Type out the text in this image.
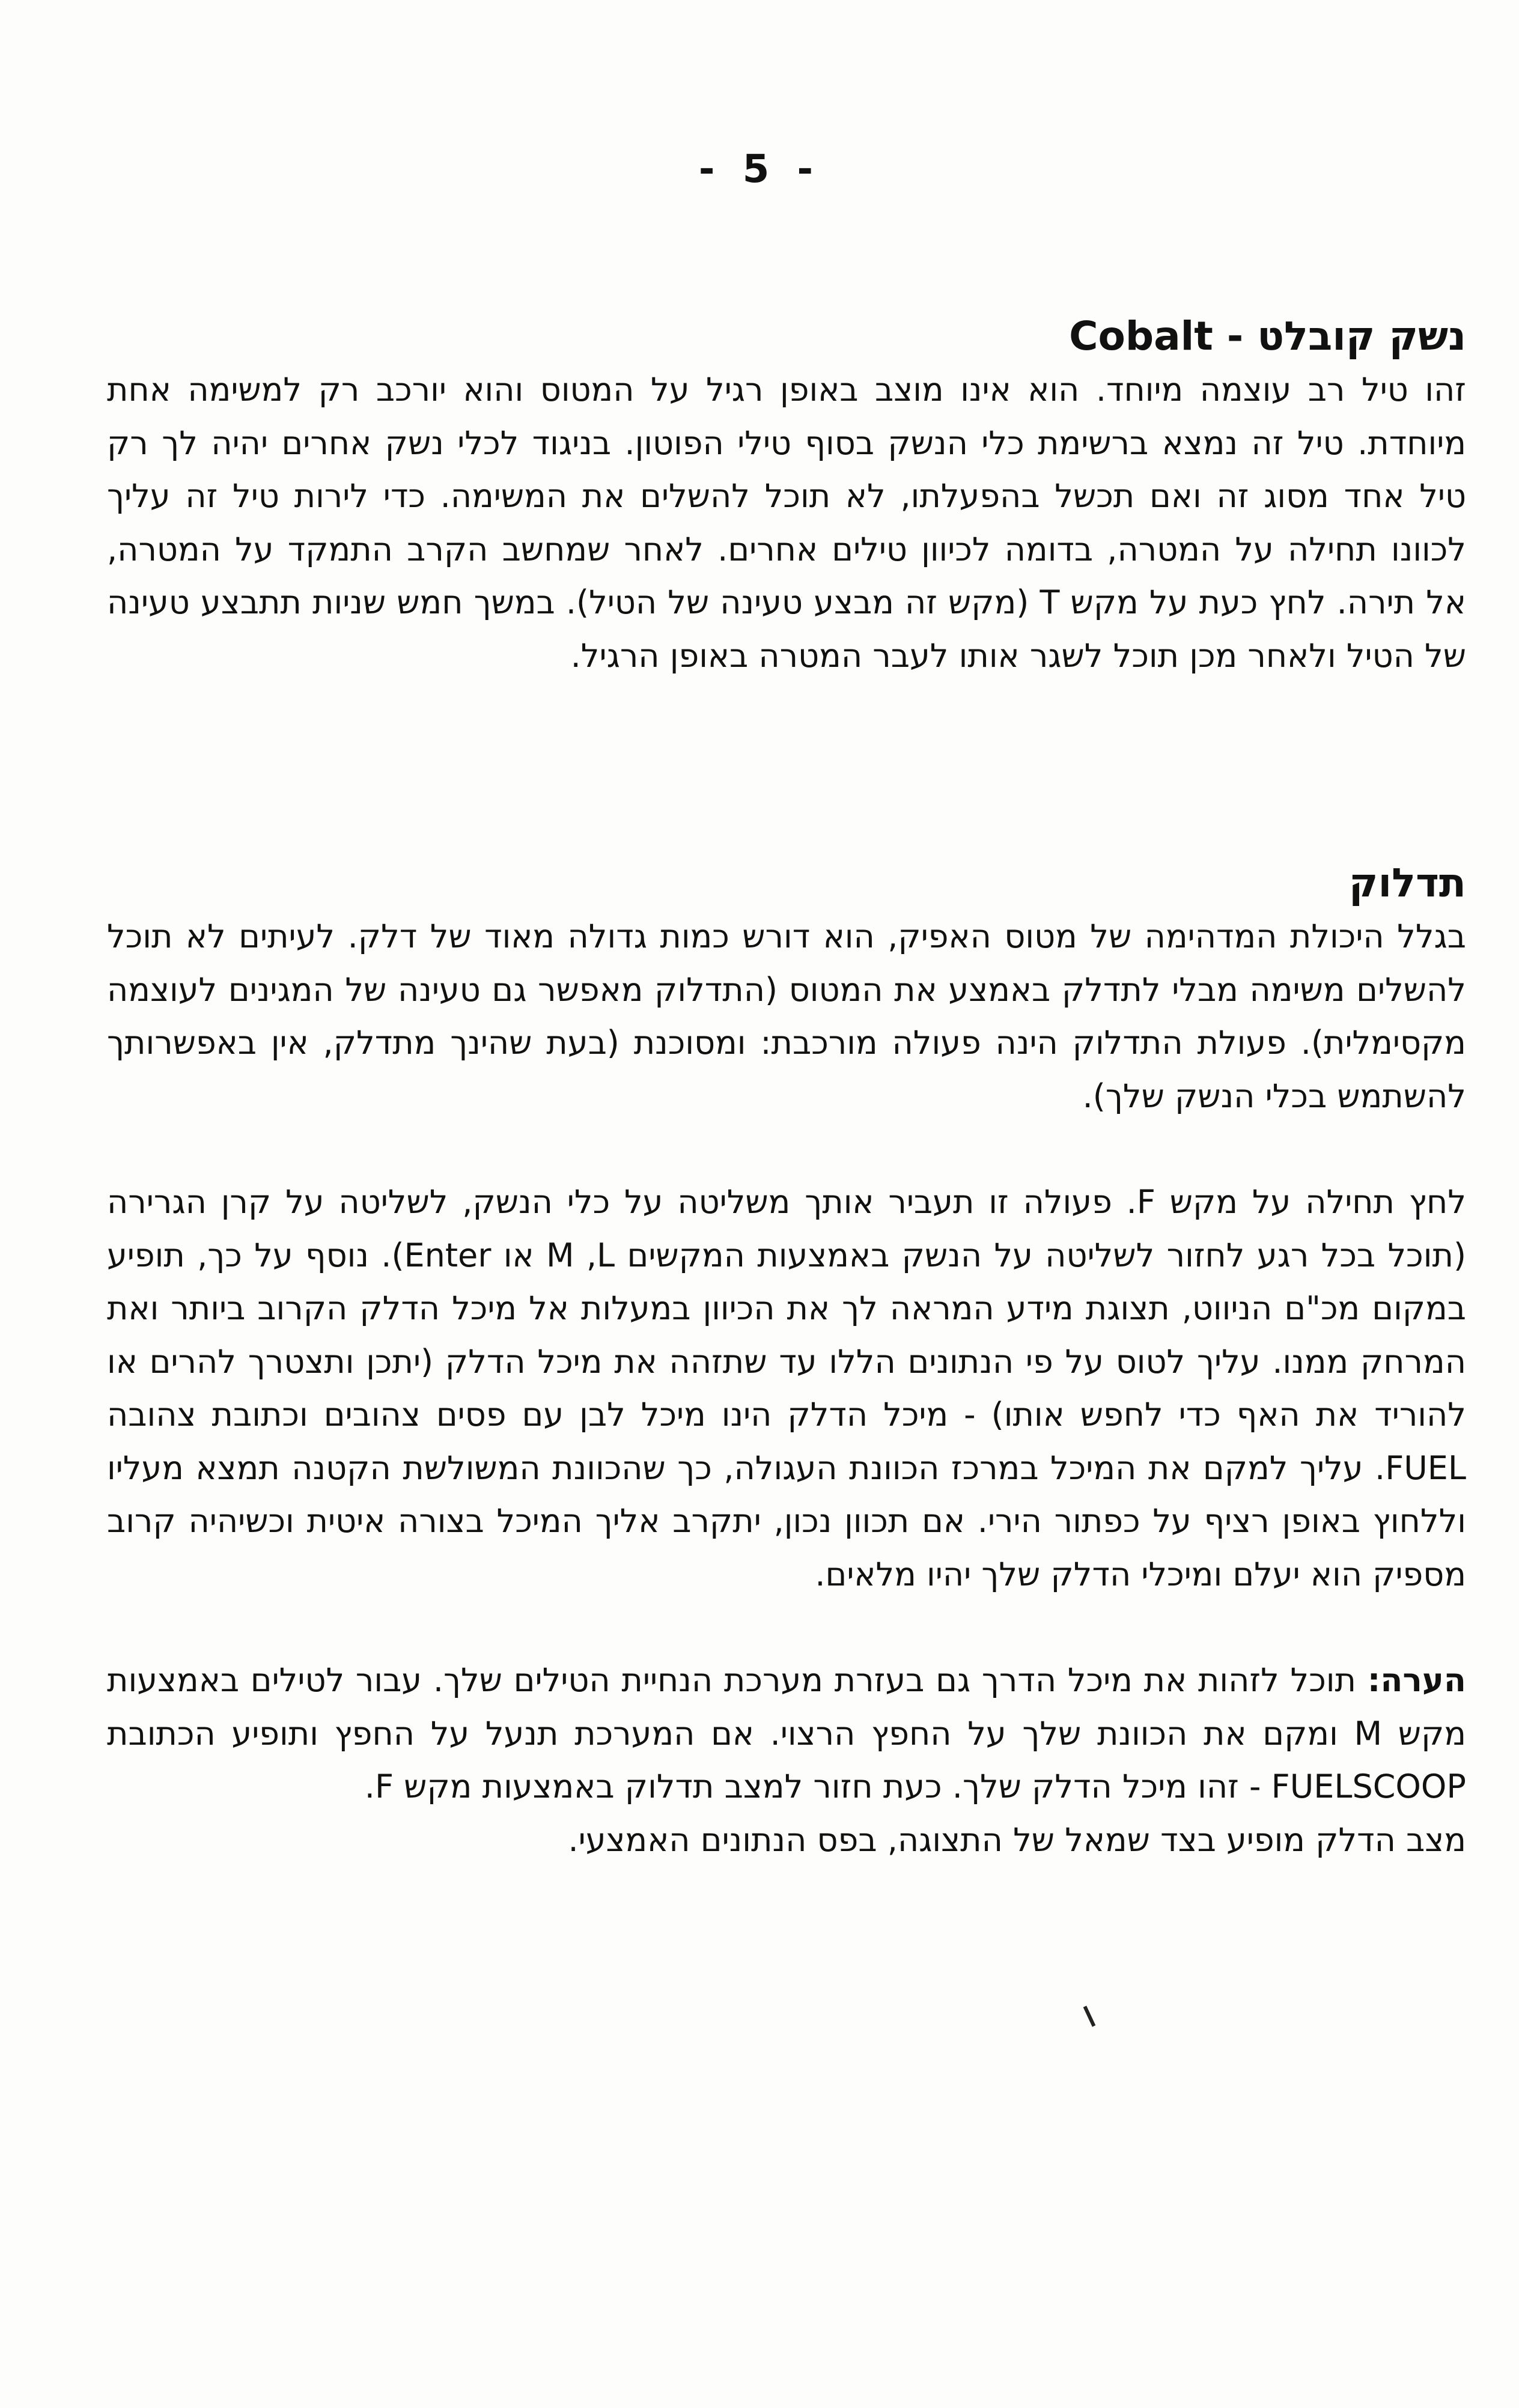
- 5 -
נשק קובלט - Cobalt

זהו טיל רב עוצמה מיוחד. הוא אינו מוצב באופן רגיל על המטוס והוא יורכב רק למשימה אחת מיוחדת. טיל זה נמצא ברשימת כלי הנשק בסוף טילי הפוטון. בניגוד לכלי נשק אחרים יהיה לך רק טיל אחד מסוג זה ואם תכשל בהפעלתו, לא תוכל להשלים את המשימה. כדי לירות טיל זה עליך לכוונו תחילה על המטרה, בדומה לכיוון טילים אחרים. לאחר שמחשב הקרב התמקד על המטרה, אל תירה. לחץ כעת על מקש T (מקש זה מבצע טעינה של הטיל). במשך חמש שניות תתבצע טעינה של הטיל ולאחר מכן תוכל לשגר אותו לעבר המטרה באופן הרגיל.

תדלוק

בגלל היכולת המדהימה של מטוס האפיק, הוא דורש כמות גדולה מאוד של דלק. לעיתים לא תוכל להשלים משימה מבלי לתדלק באמצע את המטוס (התדלוק מאפשר גם טעינה של המגינים לעוצמה מקסימלית). פעולת התדלוק הינה פעולה מורכבת: ומסוכנת (בעת שהינך מתדלק, אין באפשרותך להשתמש בכלי הנשק שלך).

לחץ תחילה על מקש F. פעולה זו תעביר אותך משליטה על כלי הנשק, לשליטה על קרן הגרירה (תוכל בכל רגע לחזור לשליטה על הנשק באמצעות המקשים M ,L או Enter). נוסף על כך, תופיע במקום מכ"ם הניווט, תצוגת מידע המראה לך את הכיוון במעלות אל מיכל הדלק הקרוב ביותר ואת המרחק ממנו. עליך לטוס על פי הנתונים הללו עד שתזהה את מיכל הדלק (יתכן ותצטרך להרים או להוריד את האף כדי לחפש אותו) - מיכל הדלק הינו מיכל לבן עם פסים צהובים וכתובת צהובה FUEL. עליך למקם את המיכל במרכז הכוונת העגולה, כך שהכוונת המשולשת הקטנה תמצא מעליו וללחוץ באופן רציף על כפתור הירי. אם תכוון נכון, יתקרב אליך המיכל בצורה איטית וכשיהיה קרוב מספיק הוא יעלם ומיכלי הדלק שלך יהיו מלאים.

הערה: תוכל לזהות את מיכל הדרך גם בעזרת מערכת הנחיית הטילים שלך. עבור לטילים באמצעות מקש M ומקם את הכוונת שלך על החפץ הרצוי. אם המערכת תנעל על החפץ ותופיע הכתובת FUELSCOOP - זהו מיכל הדלק שלך. כעת חזור למצב תדלוק באמצעות מקש F.

מצב הדלק מופיע בצד שמאל של התצוגה, בפס הנתונים האמצעי.
